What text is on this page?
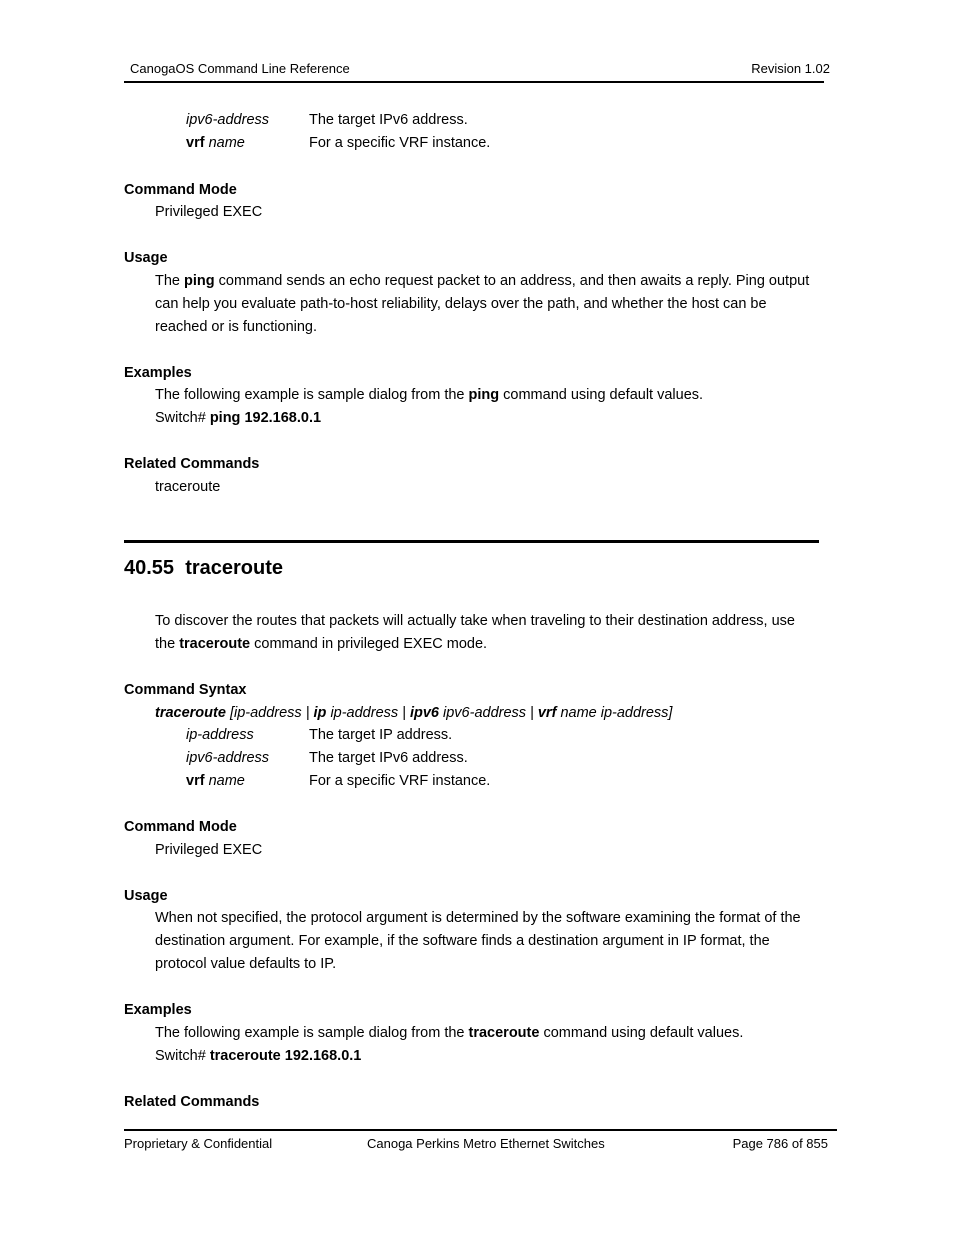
CanogaOS Command Line Reference	Revision 1.02
ipv6-address	The target IPv6 address.
vrf name	For a specific VRF instance.
Command Mode
Privileged EXEC
Usage
The ping command sends an echo request packet to an address, and then awaits a reply. Ping output
can help you evaluate path-to-host reliability, delays over the path, and whether the host can be
reached or is functioning.
Examples
The following example is sample dialog from the ping command using default values.
Switch# ping 192.168.0.1
Related Commands
traceroute
40.55 traceroute
To discover the routes that packets will actually take when traveling to their destination address, use
the traceroute command in privileged EXEC mode.
Command Syntax
traceroute [ip-address | ip ip-address | ipv6 ipv6-address | vrf name ip-address]
ip-address	The target IP address.
ipv6-address	The target IPv6 address.
vrf name	For a specific VRF instance.
Command Mode
Privileged EXEC
Usage
When not specified, the protocol argument is determined by the software examining the format of the
destination argument. For example, if the software finds a destination argument in IP format, the
protocol value defaults to IP.
Examples
The following example is sample dialog from the traceroute command using default values.
Switch# traceroute 192.168.0.1
Related Commands
Proprietary & Confidential	Canoga Perkins Metro Ethernet Switches	Page 786 of 855
